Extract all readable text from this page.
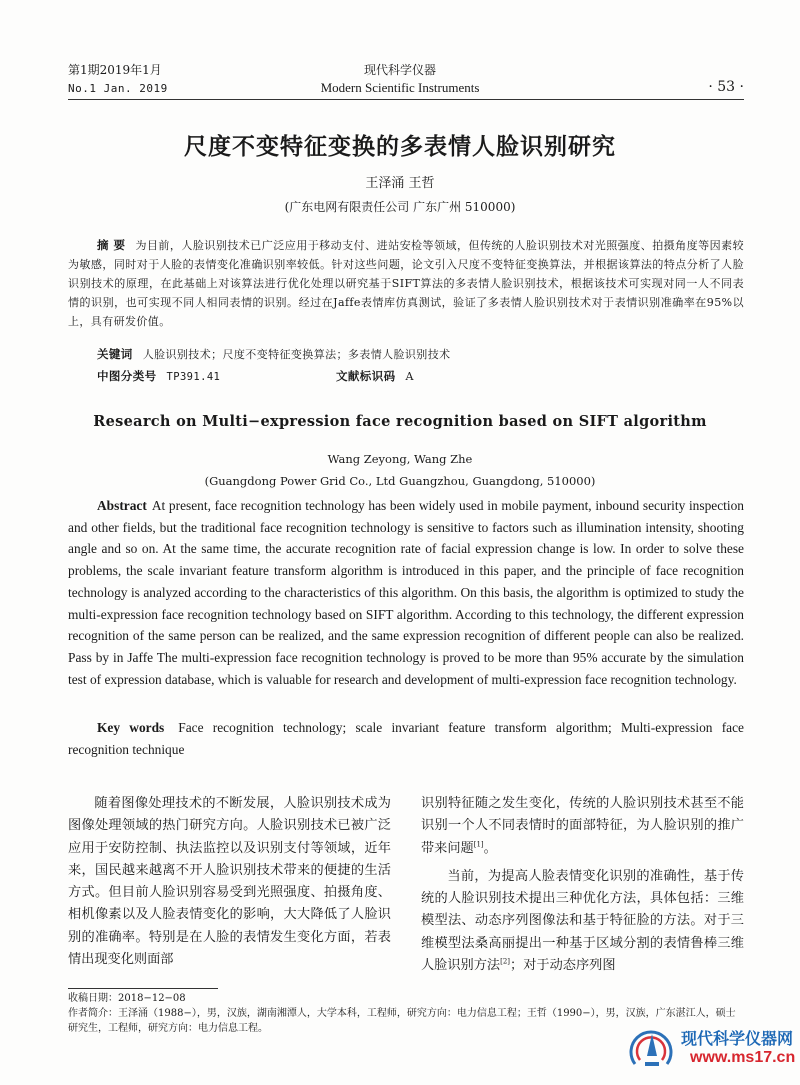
第1期2019年1月
No.1 Jan. 2019
现代科学仪器
Modern Scientific Instruments	· 53 ·
尺度不变特征变换的多表情人脸识别研究
王泽涌 王哲
(广东电网有限责任公司 广东广州 510000)
摘 要 为目前，人脸识别技术已广泛应用于移动支付、进站安检等领域，但传统的人脸识别技术对光照强度、拍摄角度等因素较为敏感，同时对于人脸的表情变化准确识别率较低。针对这些问题，论文引入尺度不变特征变换算法，并根据该算法的特点分析了人脸识别技术的原理，在此基础上对该算法进行优化处理以研究基于SIFT算法的多表情人脸识别技术，根据该技术可实现对同一人不同表情的识别，也可实现不同人相同表情的识别。经过在Jaffe表情库仿真测试，验证了多表情人脸识别技术对于表情识别准确率在95%以上，具有研发价值。
关键词 人脸识别技术；尺度不变特征变换算法；多表情人脸识别技术
中图分类号 TP391.41	文献标识码 A
Research on Multi−expression face recognition based on SIFT algorithm
Wang Zeyong, Wang Zhe
(Guangdong Power Grid Co., Ltd Guangzhou, Guangdong, 510000)
Abstract At present, face recognition technology has been widely used in mobile payment, inbound security inspection and other fields, but the traditional face recognition technology is sensitive to factors such as illumination intensity, shooting angle and so on. At the same time, the accurate recognition rate of facial expression change is low. In order to solve these problems, the scale invariant feature transform algorithm is introduced in this paper, and the principle of face recognition technology is analyzed according to the characteristics of this algorithm. On this basis, the algorithm is optimized to study the multi-expression face recognition technology based on SIFT algorithm. According to this technology, the different expression recognition of the same person can be realized, and the same expression recognition of different people can also be realized. Pass by in Jaffe The multi-expression face recognition technology is proved to be more than 95% accurate by the simulation test of expression database, which is valuable for research and development of multi-expression face recognition technology.
Key words Face recognition technology; scale invariant feature transform algorithm; Multi-expression face recognition technique

随着图像处理技术的不断发展，人脸识别技术成为图像处理领域的热门研究方向。人脸识别技术已被广泛应用于安防控制、执法监控以及识别支付等领域，近年来，国民越来越离不开人脸识别技术带来的便捷的生活方式。但目前人脸识别容易受到光照强度、拍摄角度、相机像素以及人脸表情变化的影响，大大降低了人脸识别的准确率。特别是在人脸的表情发生变化方面，若表情出现变化则面部

识别特征随之发生变化，传统的人脸识别技术甚至不能识别一个人不同表情时的面部特征，为人脸识别的推广带来问题[1]。

当前，为提高人脸表情变化识别的准确性，基于传统的人脸识别技术提出三种优化方法，具体包括：三维模型法、动态序列图像法和基于特征脸的方法。对于三维模型法桑高丽提出一种基于区域分割的表情鲁棒三维人脸识别方法[2]；对于动态序列图

收稿日期：2018−12−08
作者简介：王泽涌（1988−），男，汉族，湖南湘潭人，大学本科，工程师，研究方向：电力信息工程；王哲（1990−），男，汉族，广东湛江人，硕士研究生，工程师，研究方向：电力信息工程。
现代科学仪器网
www.ms17.cn
